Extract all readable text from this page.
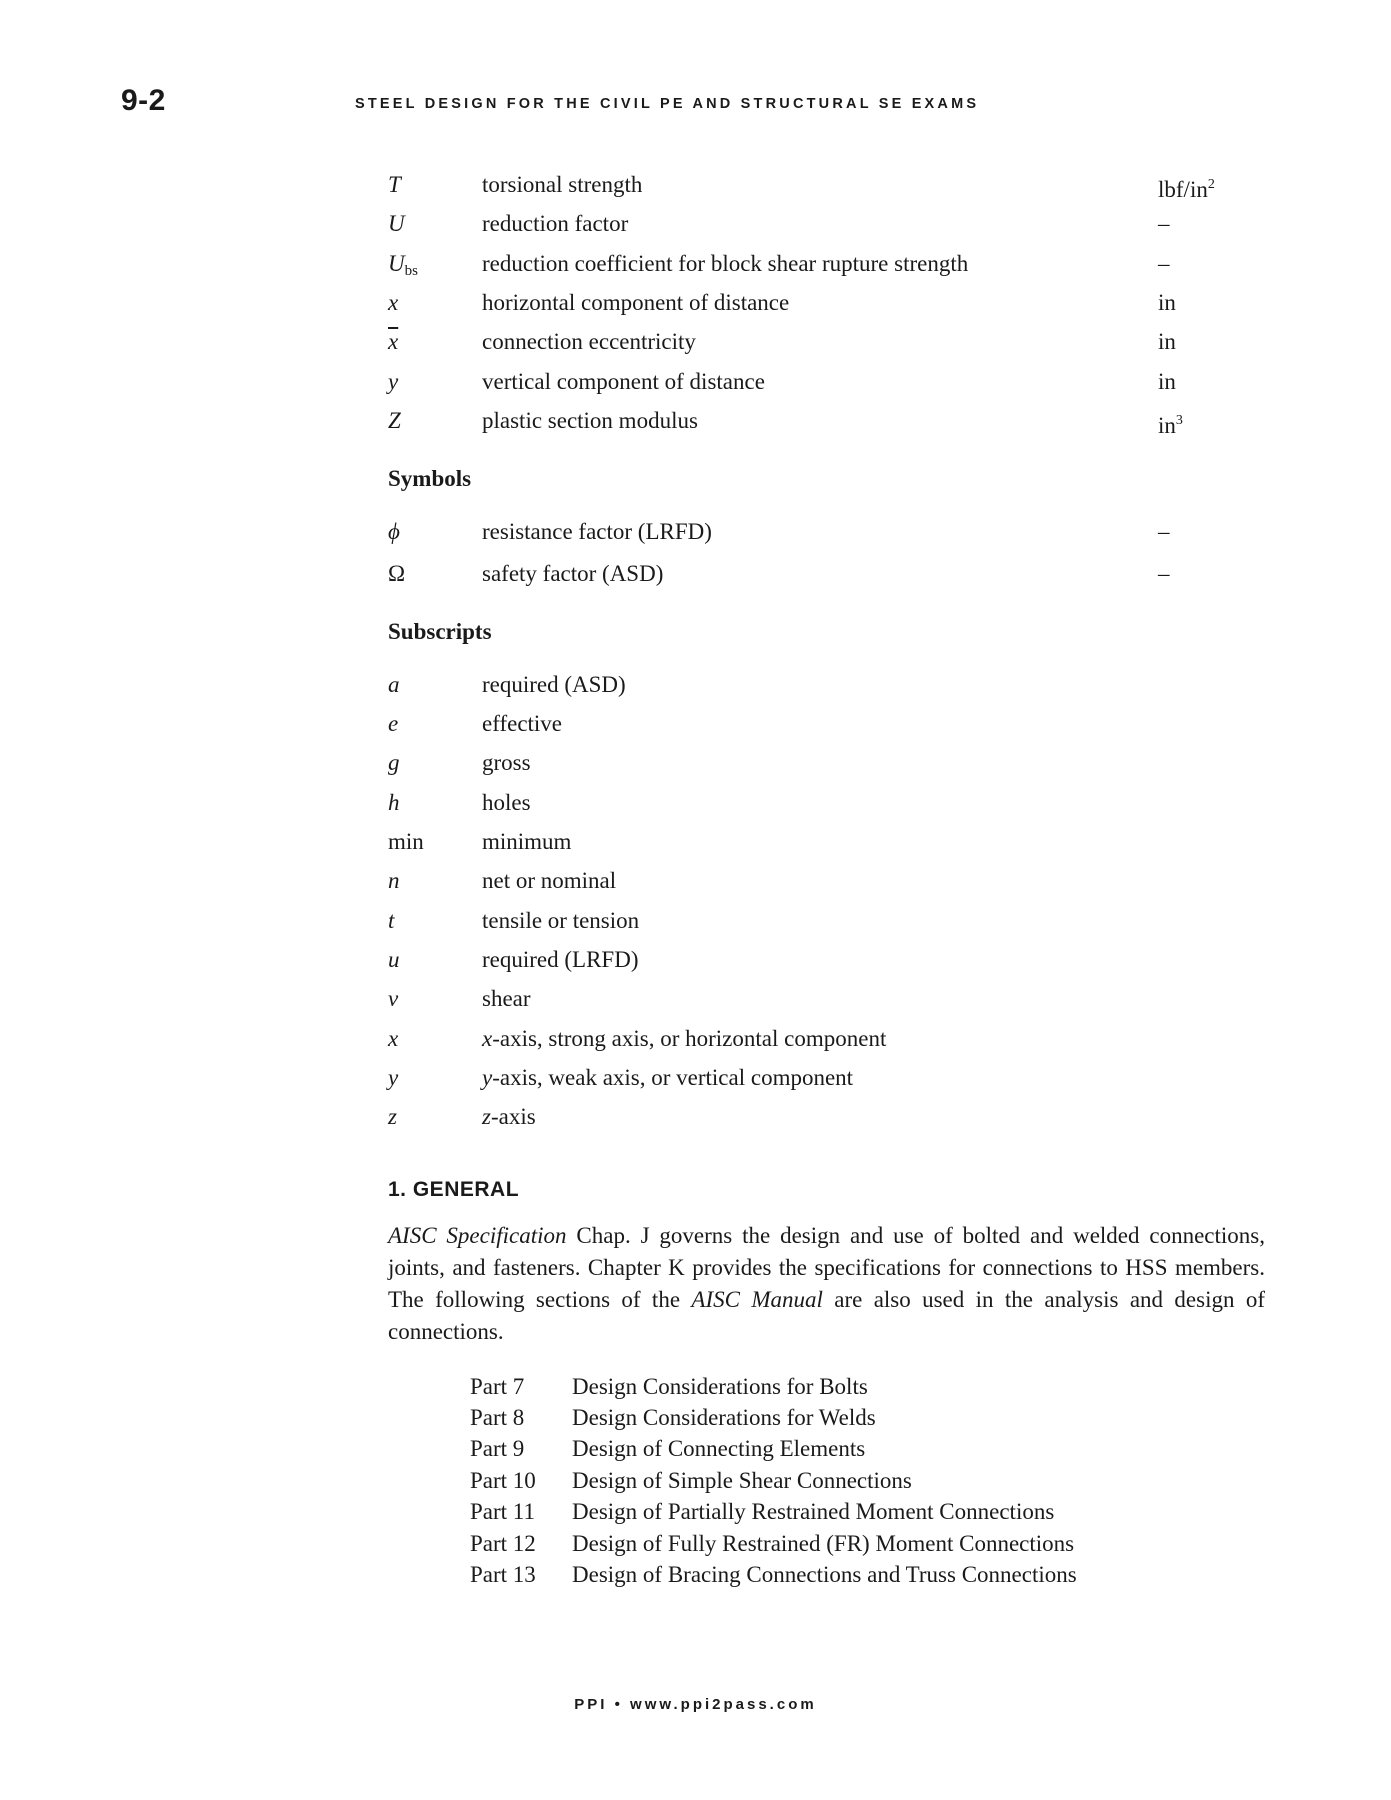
9-2	STEEL DESIGN FOR THE CIVIL PE AND STRUCTURAL SE EXAMS
T	torsional strength	lbf/$in^2$
U	reduction factor	–
$U_{bs}$	reduction coefficient for block shear rupture strength	–
x	horizontal component of distance	in
$\overline{x}$	connection eccentricity	in
y	vertical component of distance	in
Z	plastic section modulus	$in^3$
Symbols
ϕ	resistance factor (LRFD)	–
Ω	safety factor (ASD)	–
Subscripts
a	required (ASD)
e	effective
g	gross
h	holes
min	minimum
n	net or nominal
t	tensile or tension
u	required (LRFD)
v	shear
x	x-axis, strong axis, or horizontal component
y	y-axis, weak axis, or vertical component
z	z-axis
1. GENERAL
AISC Specification Chap. J governs the design and use of bolted and welded connections, joints, and fasteners. Chapter K provides the specifications for connections to HSS members. The following sections of the AISC Manual are also used in the analysis and design of connections.
Part 7 Design Considerations for Bolts
Part 8 Design Considerations for Welds
Part 9 Design of Connecting Elements
Part 10 Design of Simple Shear Connections
Part 11 Design of Partially Restrained Moment Connections
Part 12 Design of Fully Restrained (FR) Moment Connections
Part 13 Design of Bracing Connections and Truss Connections
PPI • www.ppi2pass.com
